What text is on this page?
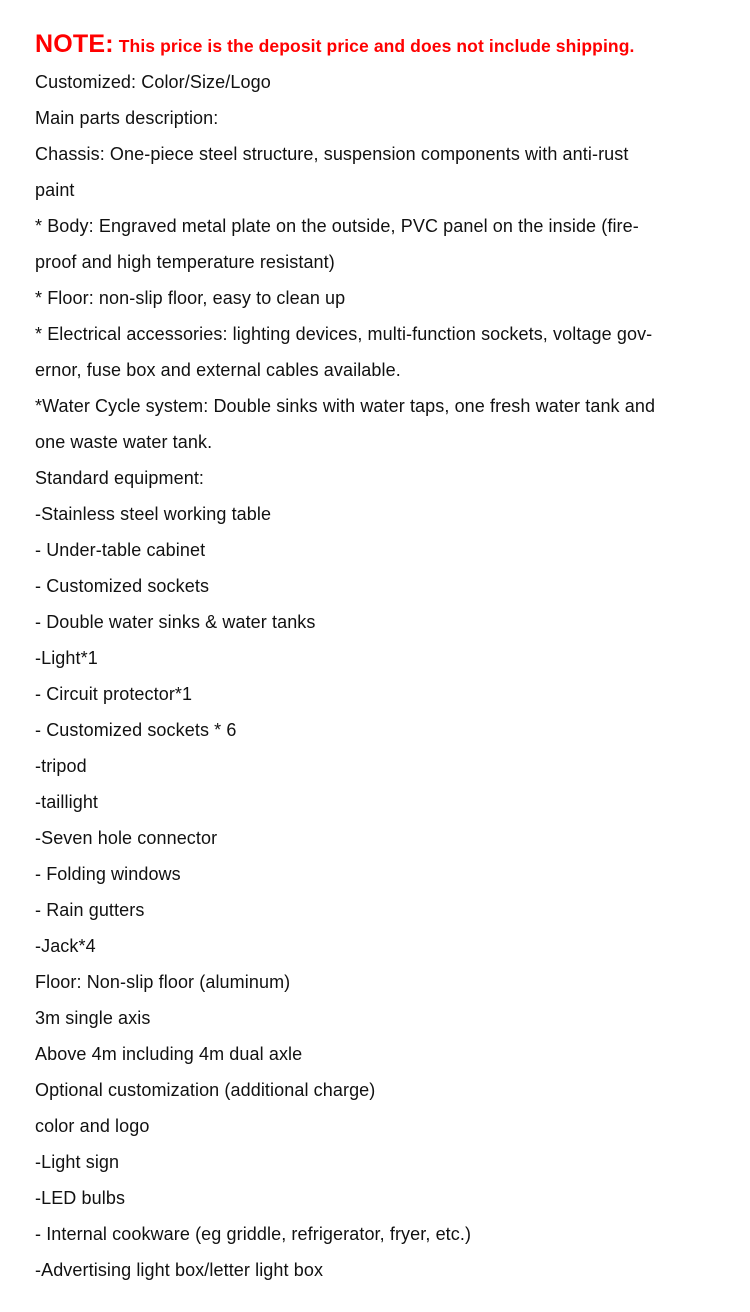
NOTE: This price is the deposit price and does not include shipping.
Customized: Color/Size/Logo
Main parts description:
Chassis: One-piece steel structure, suspension components with anti-rust
paint
* Body: Engraved metal plate on the outside, PVC panel on the inside (fire-
proof and high temperature resistant)
* Floor: non-slip floor, easy to clean up
* Electrical accessories: lighting devices, multi-function sockets, voltage gov-
ernor, fuse box and external cables available.
*Water Cycle system: Double sinks with water taps, one fresh water tank and
one waste water tank.
Standard equipment:
-Stainless steel working table
- Under-table cabinet
- Customized sockets
- Double water sinks & water tanks
-Light*1
- Circuit protector*1
- Customized sockets * 6
-tripod
-taillight
-Seven hole connector
- Folding windows
- Rain gutters
-Jack*4
Floor: Non-slip floor (aluminum)
3m single axis
Above 4m including 4m dual axle
Optional customization (additional charge)
color and logo
-Light sign
-LED bulbs
- Internal cookware (eg griddle, refrigerator, fryer, etc.)
-Advertising light box/letter light box
